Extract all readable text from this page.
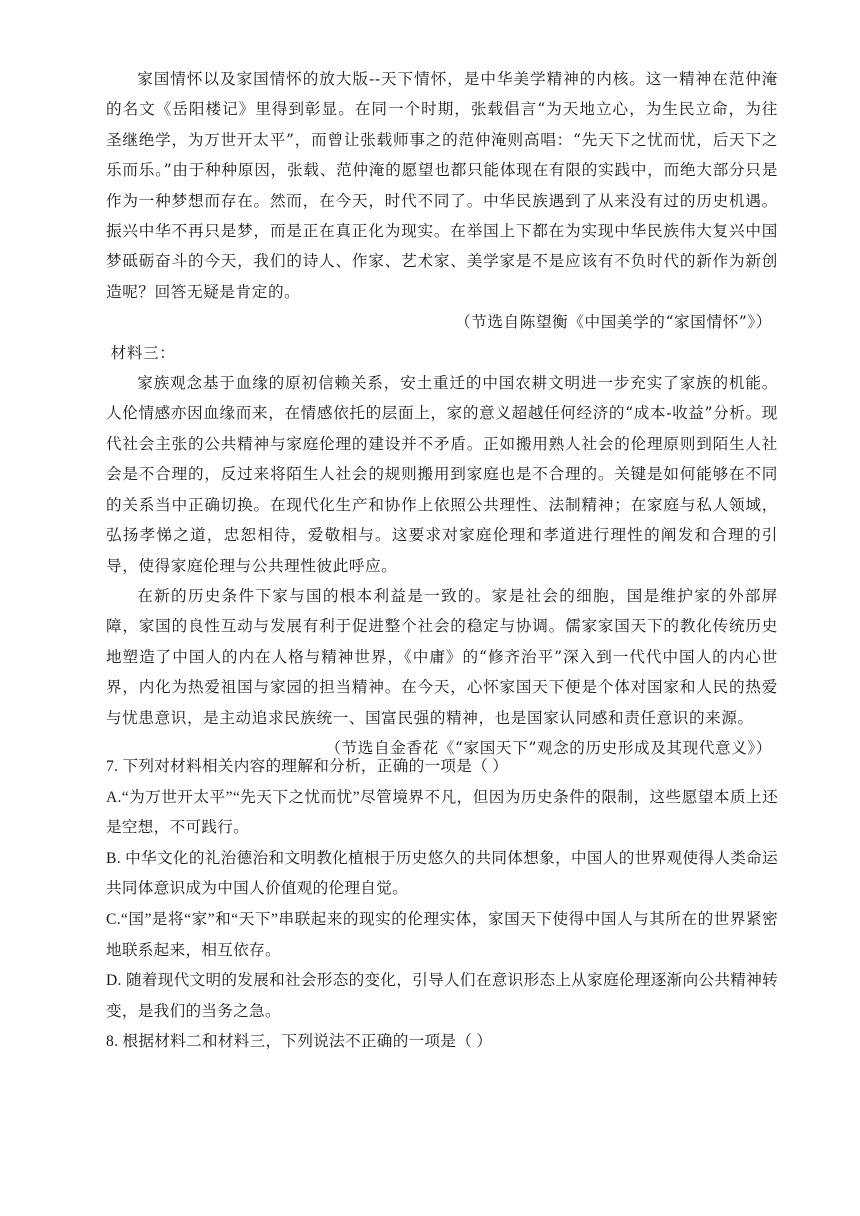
家国情怀以及家国情怀的放大版--天下情怀，是中华美学精神的内核。这一精神在范仲淹的名文《岳阳楼记》里得到彰显。在同一个时期，张载倡言“为天地立心，为生民立命，为往圣继绝学，为万世开太平”，而曾让张载师事之的范仲淹则高唱：“先天下之忧而忧，后天下之乐而乐。”由于种种原因，张载、范仲淹的愿望也都只能体现在有限的实践中，而绝大部分只是作为一种梦想而存在。然而，在今天，时代不同了。中华民族遇到了从来没有过的历史机遇。振兴中华不再只是梦，而是正在真正化为现实。在举国上下都在为实现中华民族伟大复兴中国梦砥砺奋斗的今天，我们的诗人、作家、艺术家、美学家是不是应该有不负时代的新作为新创造呢？回答无疑是肯定的。

（节选自陈望衡《中国美学的“家国情怀”》）

材料三：

家族观念基于血缘的原初信赖关系，安土重迁的中国农耕文明进一步充实了家族的机能。人伦情感亦因血缘而来，在情感依托的层面上，家的意义超越任何经济的“成本-收益”分析。现代社会主张的公共精神与家庭伦理的建设并不矛盾。正如搬用熟人社会的伦理原则到陌生人社会是不合理的，反过来将陌生人社会的规则搬用到家庭也是不合理的。关键是如何能够在不同的关系当中正确切换。在现代化生产和协作上依照公共理性、法制精神；在家庭与私人领域，弘扬孝悌之道，忠恕相待，爱敬相与。这要求对家庭伦理和孝道进行理性的阐发和合理的引导，使得家庭伦理与公共理性彼此呼应。

在新的历史条件下家与国的根本利益是一致的。家是社会的细胞，国是维护家的外部屏障，家国的良性互动与发展有利于促进整个社会的稳定与协调。儒家家国天下的教化传统历史地塑造了中国人的内在人格与精神世界，《中庸》的“修齐治平”深入到一代代中国人的内心世界，内化为热爱祖国与家园的担当精神。在今天，心怀家国天下便是个体对国家和人民的热爱与忧患意识，是主动追求民族统一、国富民强的精神，也是国家认同感和责任意识的来源。

（节选自金香花《“家国天下”观念的历史形成及其现代意义》）

7. 下列对材料相关内容的理解和分析，正确的一项是（ ）

A.“为万世开太平”“先天下之忧而忧”尽管境界不凡，但因为历史条件的限制，这些愿望本质上还是空想，不可践行。

B. 中华文化的礼治德治和文明教化植根于历史悠久的共同体想象，中国人的世界观使得人类命运共同体意识成为中国人价值观的伦理自觉。

C.“国”是将“家”和“天下”串联起来的现实的伦理实体，家国天下使得中国人与其所在的世界紧密地联系起来，相互依存。

D. 随着现代文明的发展和社会形态的变化，引导人们在意识形态上从家庭伦理逐渐向公共精神转变，是我们的当务之急。

8. 根据材料二和材料三，下列说法不正确的一项是（ ）
